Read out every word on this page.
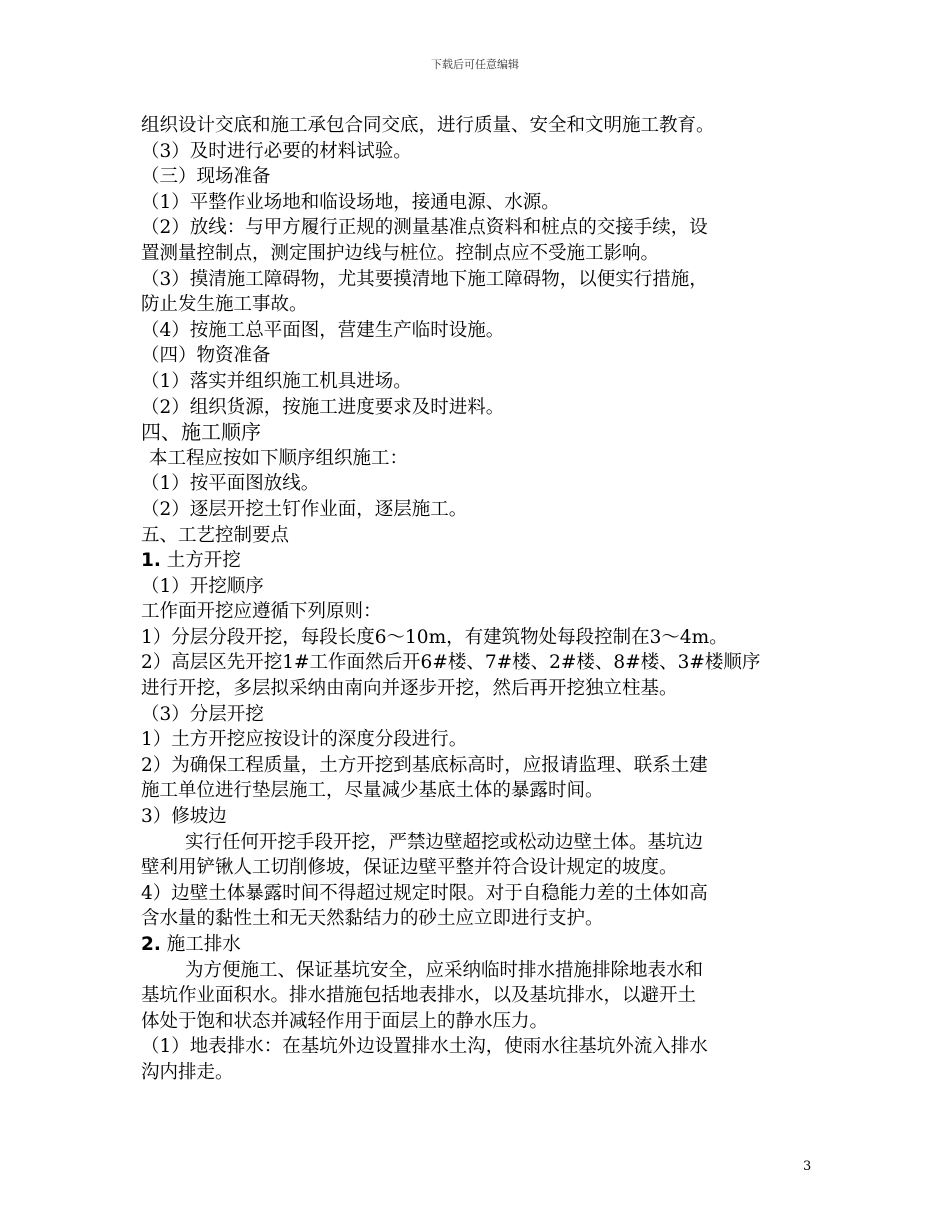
下载后可任意编辑
组织设计交底和施工承包合同交底，进行质量、安全和文明施工教育。
（3）及时进行必要的材料试验。
（三）现场准备
（1）平整作业场地和临设场地，接通电源、水源。
（2）放线：与甲方履行正规的测量基准点资料和桩点的交接手续，设
置测量控制点，测定围护边线与桩位。控制点应不受施工影响。
（3）摸清施工障碍物，尤其要摸清地下施工障碍物，以便实行措施，
防止发生施工事故。
（4）按施工总平面图，营建生产临时设施。
（四）物资准备
（1）落实并组织施工机具进场。
（2）组织货源，按施工进度要求及时进料。
四、施工顺序
本工程应按如下顺序组织施工：
（1）按平面图放线。
（2）逐层开挖土钉作业面，逐层施工。
五、工艺控制要点
1. 土方开挖
（1）开挖顺序
工作面开挖应遵循下列原则：
1）分层分段开挖，每段长度6～10m，有建筑物处每段控制在3～4m。
2）高层区先开挖1#工作面然后开6#楼、7#楼、2#楼、8#楼、3#楼顺序
进行开挖，多层拟采纳由南向并逐步开挖，然后再开挖独立柱基。
（3）分层开挖
1）土方开挖应按设计的深度分段进行。
2）为确保工程质量，土方开挖到基底标高时，应报请监理、联系土建
施工单位进行垫层施工，尽量减少基底土体的暴露时间。
3）修坡边
实行任何开挖手段开挖，严禁边壁超挖或松动边壁土体。基坑边
壁利用铲锹人工切削修坡，保证边壁平整并符合设计规定的坡度。
4）边壁土体暴露时间不得超过规定时限。对于自稳能力差的土体如高
含水量的黏性土和无天然黏结力的砂土应立即进行支护。
2. 施工排水
为方便施工、保证基坑安全，应采纳临时排水措施排除地表水和
基坑作业面积水。排水措施包括地表排水，以及基坑排水，以避开土
体处于饱和状态并减轻作用于面层上的静水压力。
（1）地表排水：在基坑外边设置排水土沟，使雨水往基坑外流入排水
沟内排走。
3
